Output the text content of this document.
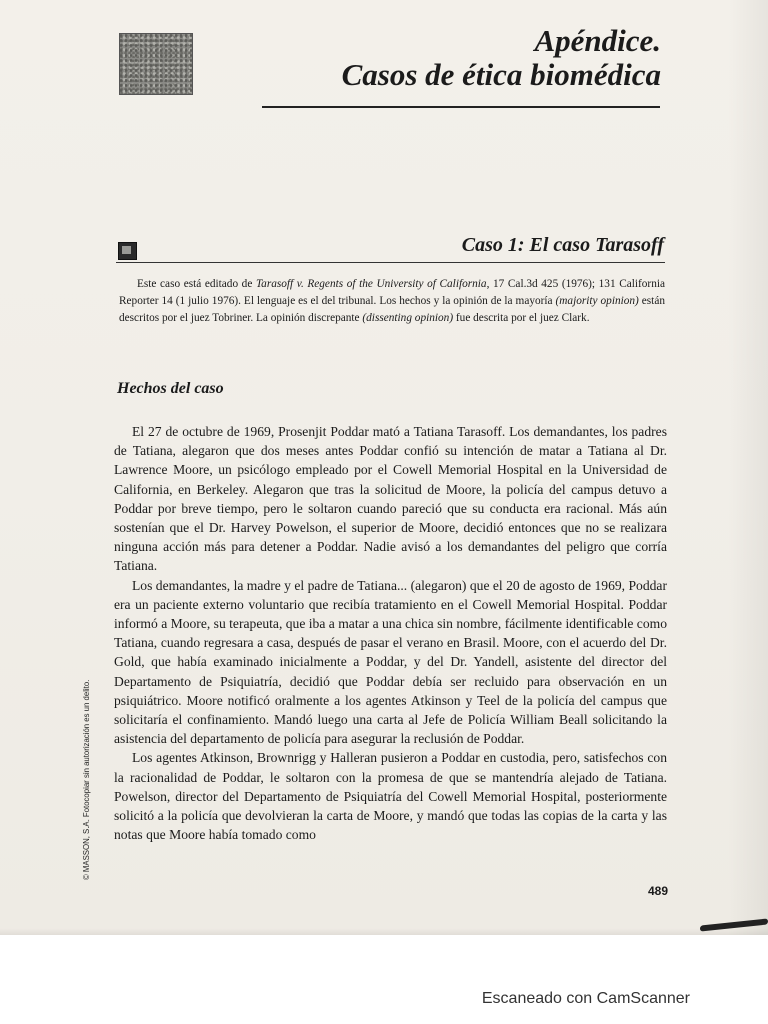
Apéndice.
Casos de ética biomédica
Caso 1: El caso Tarasoff

Este caso está editado de Tarasoff v. Regents of the University of California, 17 Cal.3d 425 (1976); 131 California Reporter 14 (1 julio 1976). El lenguaje es el del tribunal. Los hechos y la opinión de la mayoría (majority opinion) están descritos por el juez Tobriner. La opinión discrepante (dissenting opinion) fue descrita por el juez Clark.

Hechos del caso

El 27 de octubre de 1969, Prosenjit Poddar mató a Tatiana Tarasoff. Los demandantes, los padres de Tatiana, alegaron que dos meses antes Poddar confió su intención de matar a Tatiana al Dr. Lawrence Moore, un psicólogo empleado por el Cowell Memorial Hospital en la Universidad de California, en Berkeley. Alegaron que tras la solicitud de Moore, la policía del campus detuvo a Poddar por breve tiempo, pero le soltaron cuando pareció que su conducta era racional. Más aún sostenían que el Dr. Harvey Powelson, el superior de Moore, decidió entonces que no se realizara ninguna acción más para detener a Poddar. Nadie avisó a los demandantes del peligro que corría Tatiana.

Los demandantes, la madre y el padre de Tatiana... (alegaron) que el 20 de agosto de 1969, Poddar era un paciente externo voluntario que recibía tratamiento en el Cowell Memorial Hospital. Poddar informó a Moore, su terapeuta, que iba a matar a una chica sin nombre, fácilmente identificable como Tatiana, cuando regresara a casa, después de pasar el verano en Brasil. Moore, con el acuerdo del Dr. Gold, que había examinado inicialmente a Poddar, y del Dr. Yandell, asistente del director del Departamento de Psiquiatría, decidió que Poddar debía ser recluido para observación en un psiquiátrico. Moore notificó oralmente a los agentes Atkinson y Teel de la policía del campus que solicitaría el confinamiento. Mandó luego una carta al Jefe de Policía William Beall solicitando la asistencia del departamento de policía para asegurar la reclusión de Poddar.

Los agentes Atkinson, Brownrigg y Halleran pusieron a Poddar en custodia, pero, satisfechos con la racionalidad de Poddar, le soltaron con la promesa de que se mantendría alejado de Tatiana. Powelson, director del Departamento de Psiquiatría del Cowell Memorial Hospital, posteriormente solicitó a la policía que devolvieran la carta de Moore, y mandó que todas las copias de la carta y las notas que Moore había tomado como

© MASSON, S.A. Fotocopiar sin autorización es un delito.
489
Escaneado con CamScanner
